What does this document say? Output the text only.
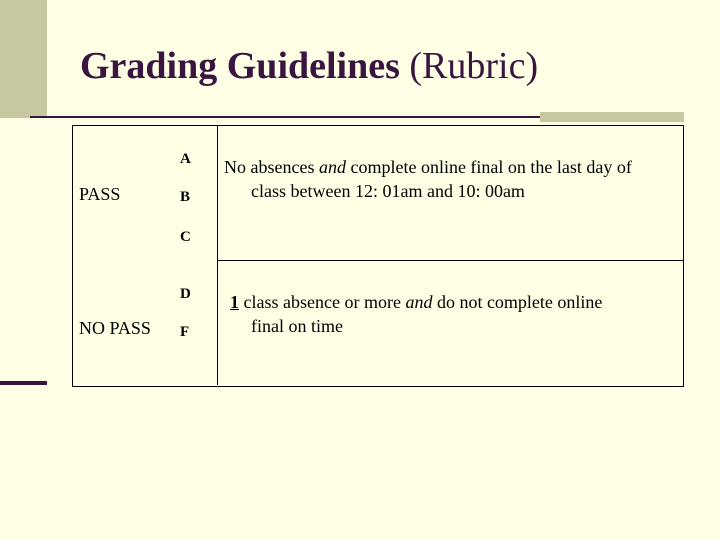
Grading Guidelines (Rubric)
PASS
A
B
C
No absences and complete online final on the last day of
class between 12: 01am and 10: 00am
NO PASS
D
F
1 class absence or more and do not complete online
final on time
